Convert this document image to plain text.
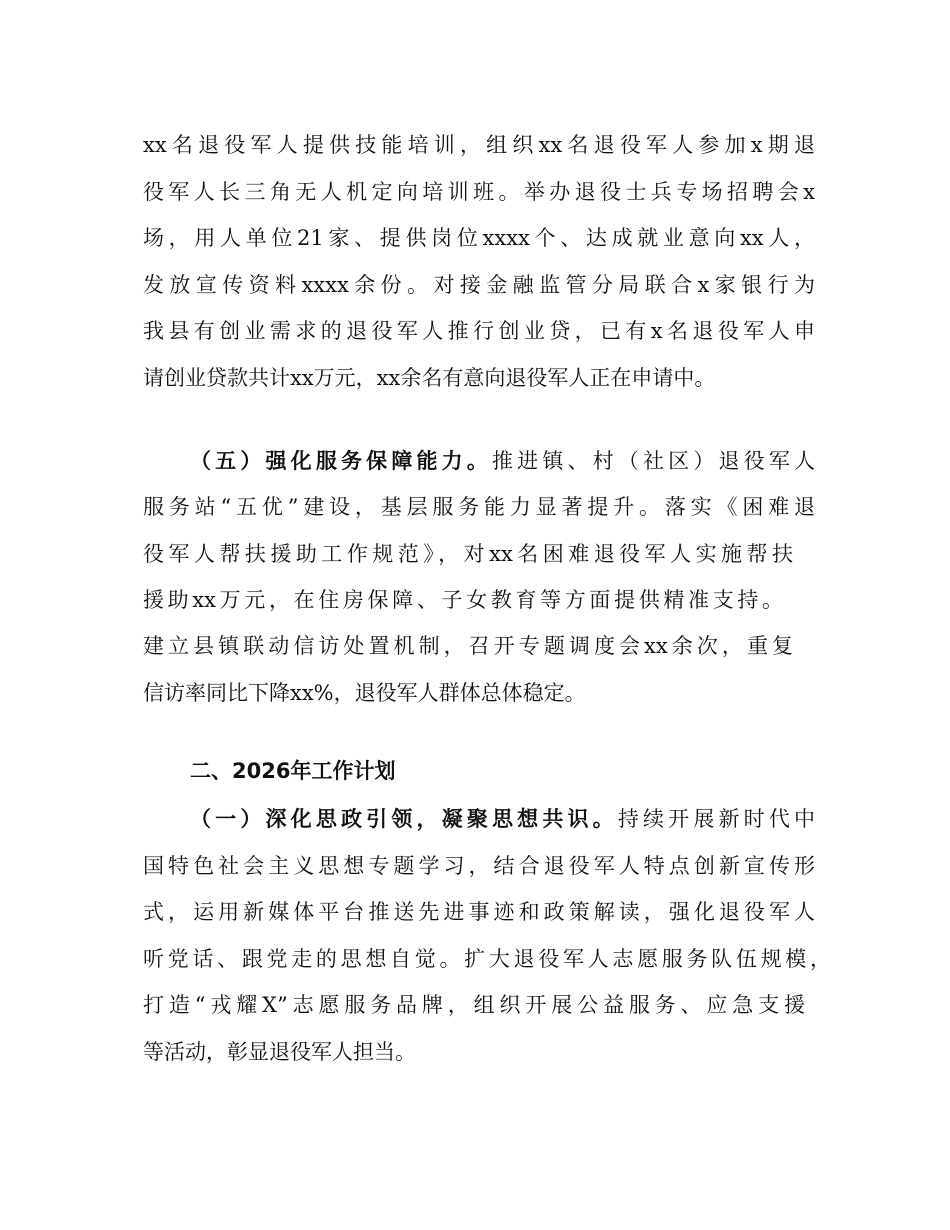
xx名退役军人提供技能培训，组织xx名退役军人参加x期退
役军人长三角无人机定向培训班。举办退役士兵专场招聘会x
场，用人单位21家、提供岗位xxxx个、达成就业意向xx人，
发放宣传资料xxxx余份。对接金融监管分局联合x家银行为
我县有创业需求的退役军人推行创业贷，已有x名退役军人申
请创业贷款共计xx万元，xx余名有意向退役军人正在申请中。
（五）强化服务保障能力。推进镇、村（社区）退役军人
服务站“五优”建设，基层服务能力显著提升。落实《困难退
役军人帮扶援助工作规范》，对xx名困难退役军人实施帮扶
援助xx万元，在住房保障、子女教育等方面提供精准支持。
建立县镇联动信访处置机制，召开专题调度会xx余次，重复
信访率同比下降xx%，退役军人群体总体稳定。
二、2026年工作计划
（一）深化思政引领，凝聚思想共识。持续开展新时代中
国特色社会主义思想专题学习，结合退役军人特点创新宣传形
式，运用新媒体平台推送先进事迹和政策解读，强化退役军人
听党话、跟党走的思想自觉。扩大退役军人志愿服务队伍规模，
打造“戎耀X”志愿服务品牌，组织开展公益服务、应急支援
等活动，彰显退役军人担当。
